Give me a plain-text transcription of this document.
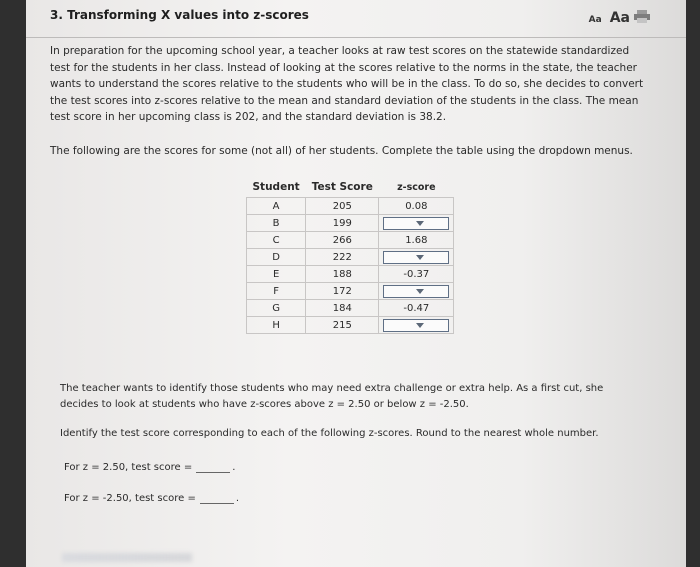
3. Transforming X values into z-scores	Aa Aa
In preparation for the upcoming school year, a teacher looks at raw test scores on the statewide standardized test for the students in her class. Instead of looking at the scores relative to the norms in the state, the teacher wants to understand the scores relative to the students who will be in the class. To do so, she decides to convert the test scores into z-scores relative to the mean and standard deviation of the students in the class. The mean test score in her upcoming class is 202, and the standard deviation is 38.2.
The following are the scores for some (not all) of her students. Complete the table using the dropdown menus.
Student	Test Score	z-score
A	205	0.08
B	199	

C	266	1.68
D	222	

E	188	-0.37
F	172	

G	184	-0.47
H	215	
The teacher wants to identify those students who may need extra challenge or extra help. As a first cut, she decides to look at students who have z-scores above z = 2.50 or below z = -2.50.
Identify the test score corresponding to each of the following z-scores. Round to the nearest whole number.
For z = 2.50, test score =	.
For z = -2.50, test score =	.
